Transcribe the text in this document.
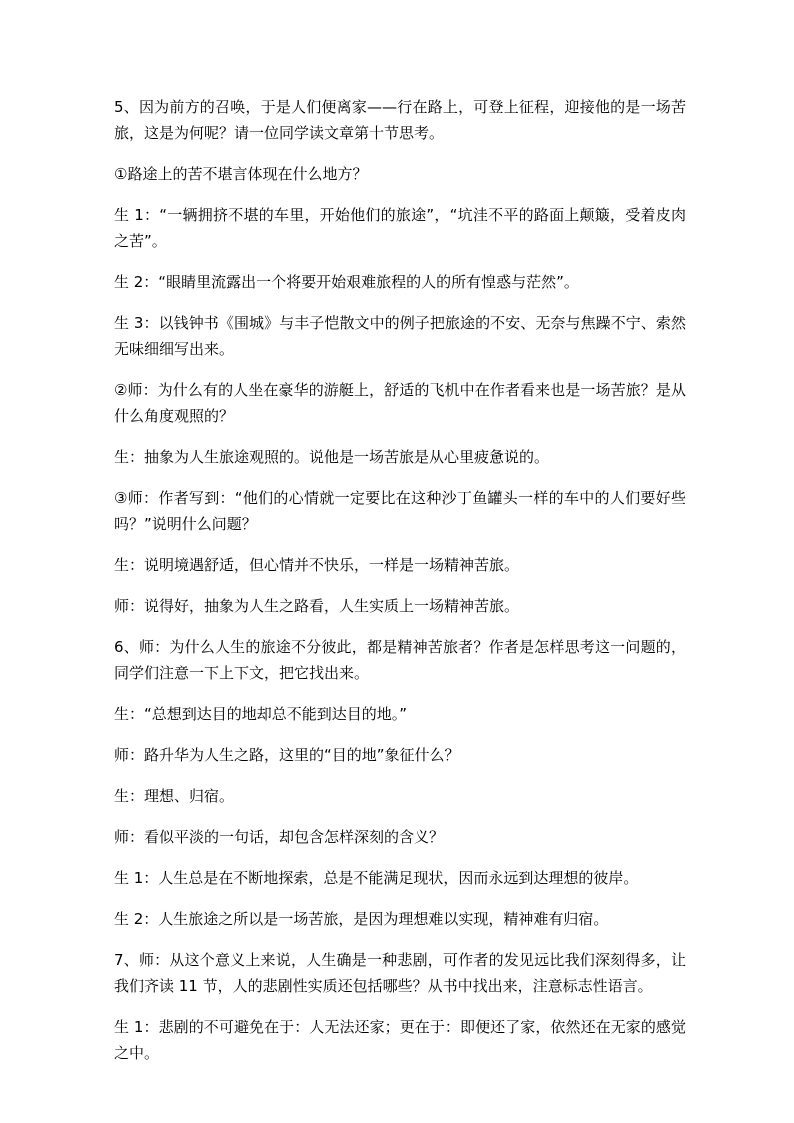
5、因为前方的召唤，于是人们便离家——行在路上，可登上征程，迎接他的是一场苦旅，这是为何呢？请一位同学读文章第十节思考。

①路途上的苦不堪言体现在什么地方？

生 1：“一辆拥挤不堪的车里，开始他们的旅途”，“坑洼不平的路面上颠簸，受着皮肉之苦”。

生 2：“眼睛里流露出一个将要开始艰难旅程的人的所有惶惑与茫然”。

生 3：以钱钟书《围城》与丰子恺散文中的例子把旅途的不安、无奈与焦躁不宁、索然无味细细写出来。

②师：为什么有的人坐在豪华的游艇上，舒适的飞机中在作者看来也是一场苦旅？是从什么角度观照的？

生：抽象为人生旅途观照的。说他是一场苦旅是从心里疲惫说的。

③师：作者写到：“他们的心情就一定要比在这种沙丁鱼罐头一样的车中的人们要好些吗？”说明什么问题？

生：说明境遇舒适，但心情并不快乐，一样是一场精神苦旅。

师：说得好，抽象为人生之路看，人生实质上一场精神苦旅。

6、师：为什么人生的旅途不分彼此，都是精神苦旅者？作者是怎样思考这一问题的，同学们注意一下上下文，把它找出来。

生：“总想到达目的地却总不能到达目的地。”

师：路升华为人生之路，这里的“目的地”象征什么？

生：理想、归宿。

师：看似平淡的一句话，却包含怎样深刻的含义？

生 1：人生总是在不断地探索，总是不能满足现状，因而永远到达理想的彼岸。

生 2：人生旅途之所以是一场苦旅，是因为理想难以实现，精神难有归宿。

7、师：从这个意义上来说，人生确是一种悲剧，可作者的发见远比我们深刻得多，让我们齐读 11 节，人的悲剧性实质还包括哪些？从书中找出来，注意标志性语言。

生 1：悲剧的不可避免在于：人无法还家；更在于：即便还了家，依然还在无家的感觉之中。
